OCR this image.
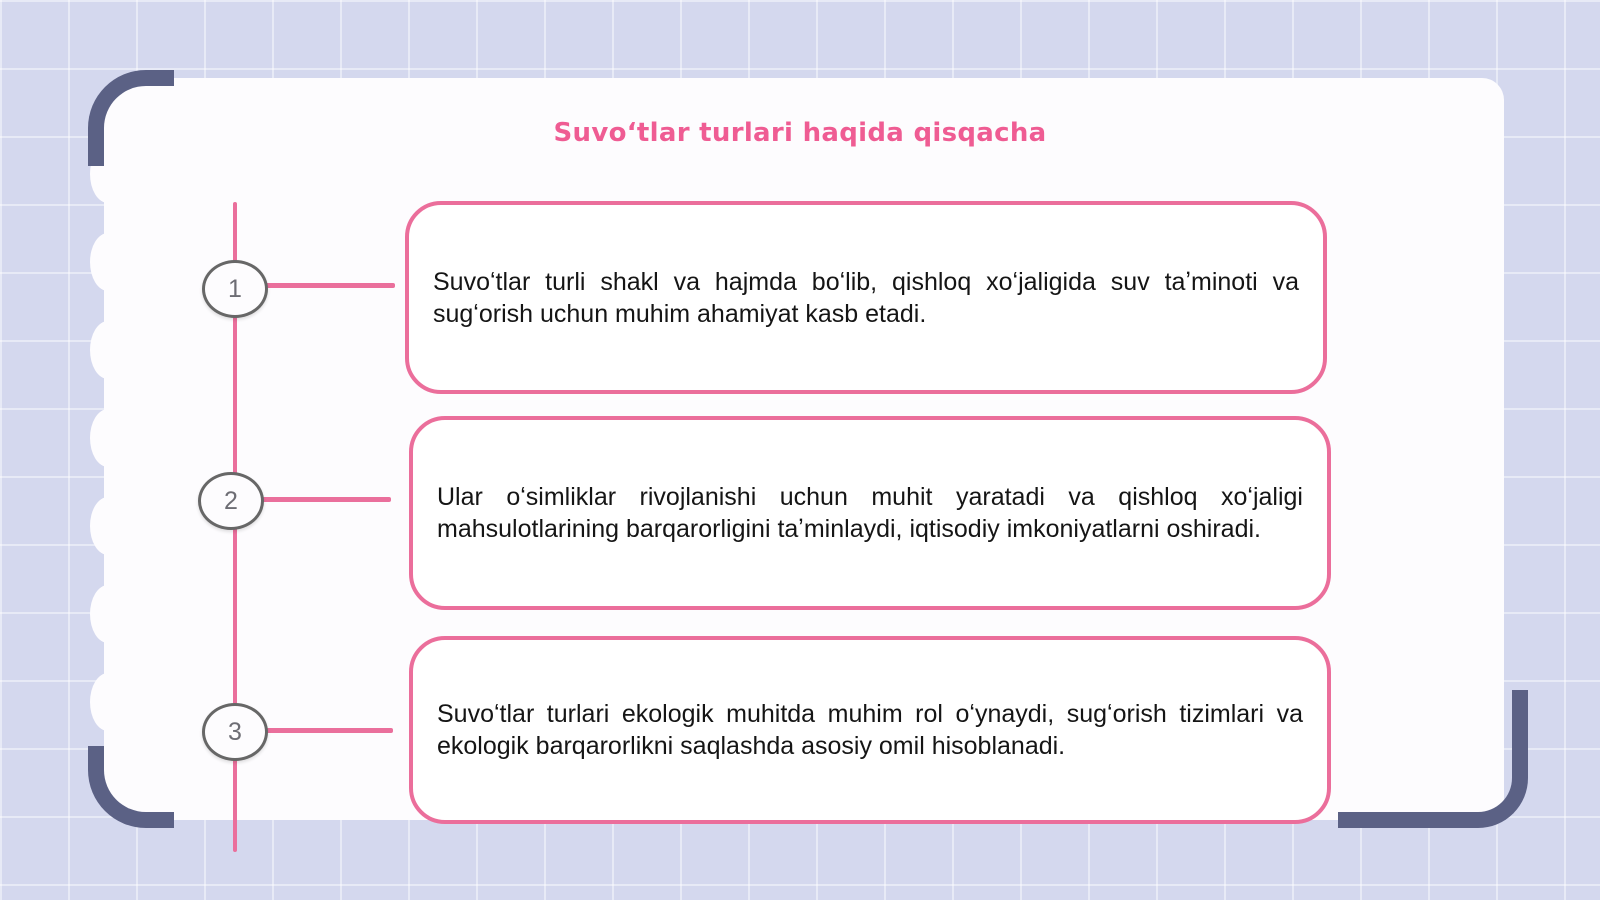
Suvoʻtlar turlari haqida qisqacha
1
2
3

Suvoʻtlar turli shakl va hajmda boʻlib, qishloq xoʻjaligida suv taʼminoti va sugʻorish uchun muhim ahamiyat kasb etadi.

Ular oʻsimliklar rivojlanishi uchun muhit yaratadi va qishloq xoʻjaligi mahsulotlarining barqarorligini taʼminlaydi, iqtisodiy imkoniyatlarni oshiradi.

Suvoʻtlar turlari ekologik muhitda muhim rol oʻynaydi, sugʻorish tizimlari va ekologik barqarorlikni saqlashda asosiy omil hisoblanadi.
